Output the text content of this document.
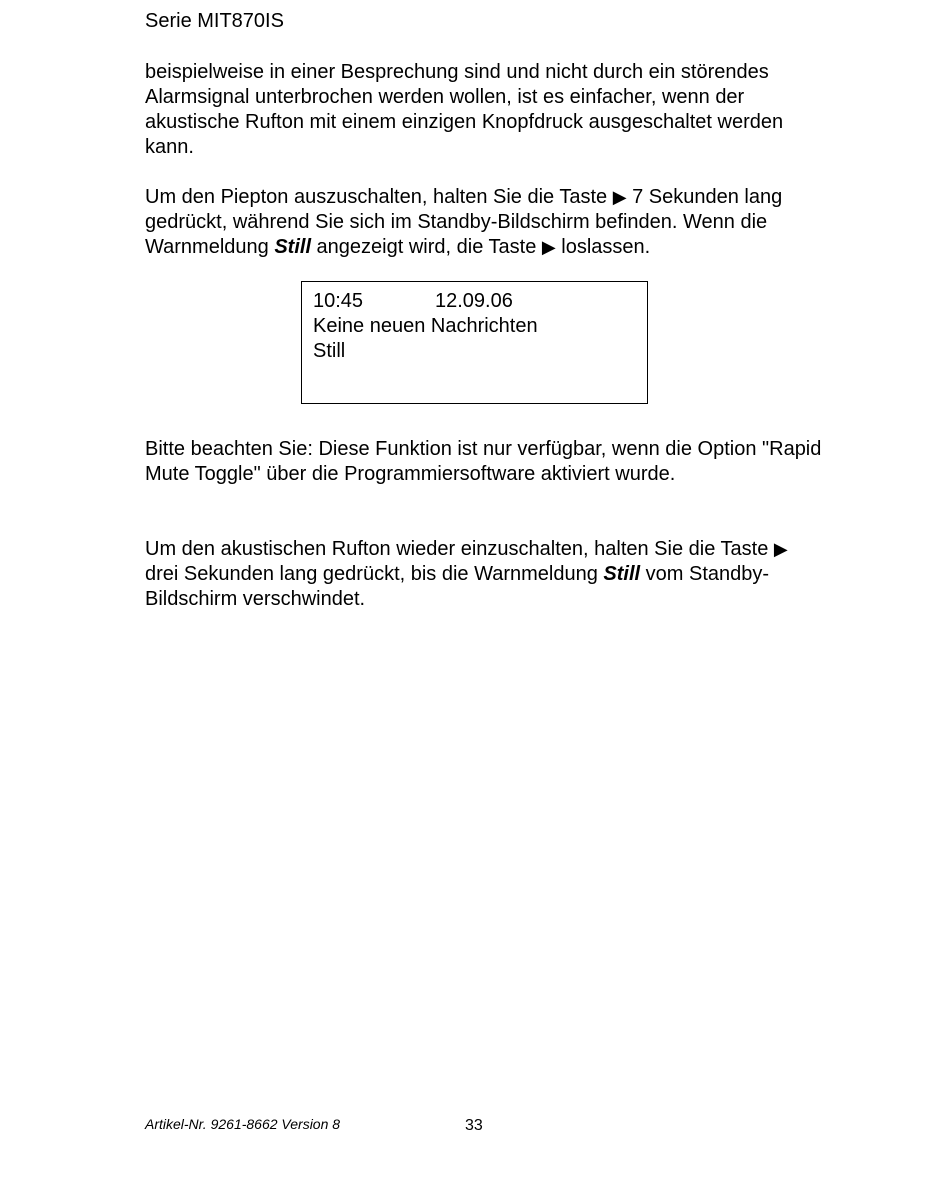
Serie MIT870IS

beispielweise in einer Besprechung sind und nicht durch ein störendes Alarmsignal unterbrochen werden wollen, ist es einfacher, wenn der akustische Rufton mit einem einzigen Knopfdruck ausgeschaltet werden kann.

Um den Piepton auszuschalten, halten Sie die Taste ▶ 7 Sekunden lang gedrückt, während Sie sich im Standby-Bildschirm befinden. Wenn die Warnmeldung Still angezeigt wird, die Taste ▶ loslassen.

10:45	12.09.06
Keine neuen Nachrichten
Still

Bitte beachten Sie: Diese Funktion ist nur verfügbar, wenn die Option "Rapid Mute Toggle" über die Programmiersoftware aktiviert wurde.

Um den akustischen Rufton wieder einzuschalten, halten Sie die Taste ▶ drei Sekunden lang gedrückt, bis die Warnmeldung Still vom Standby-Bildschirm verschwindet.

Artikel-Nr. 9261-8662 Version 8	33
